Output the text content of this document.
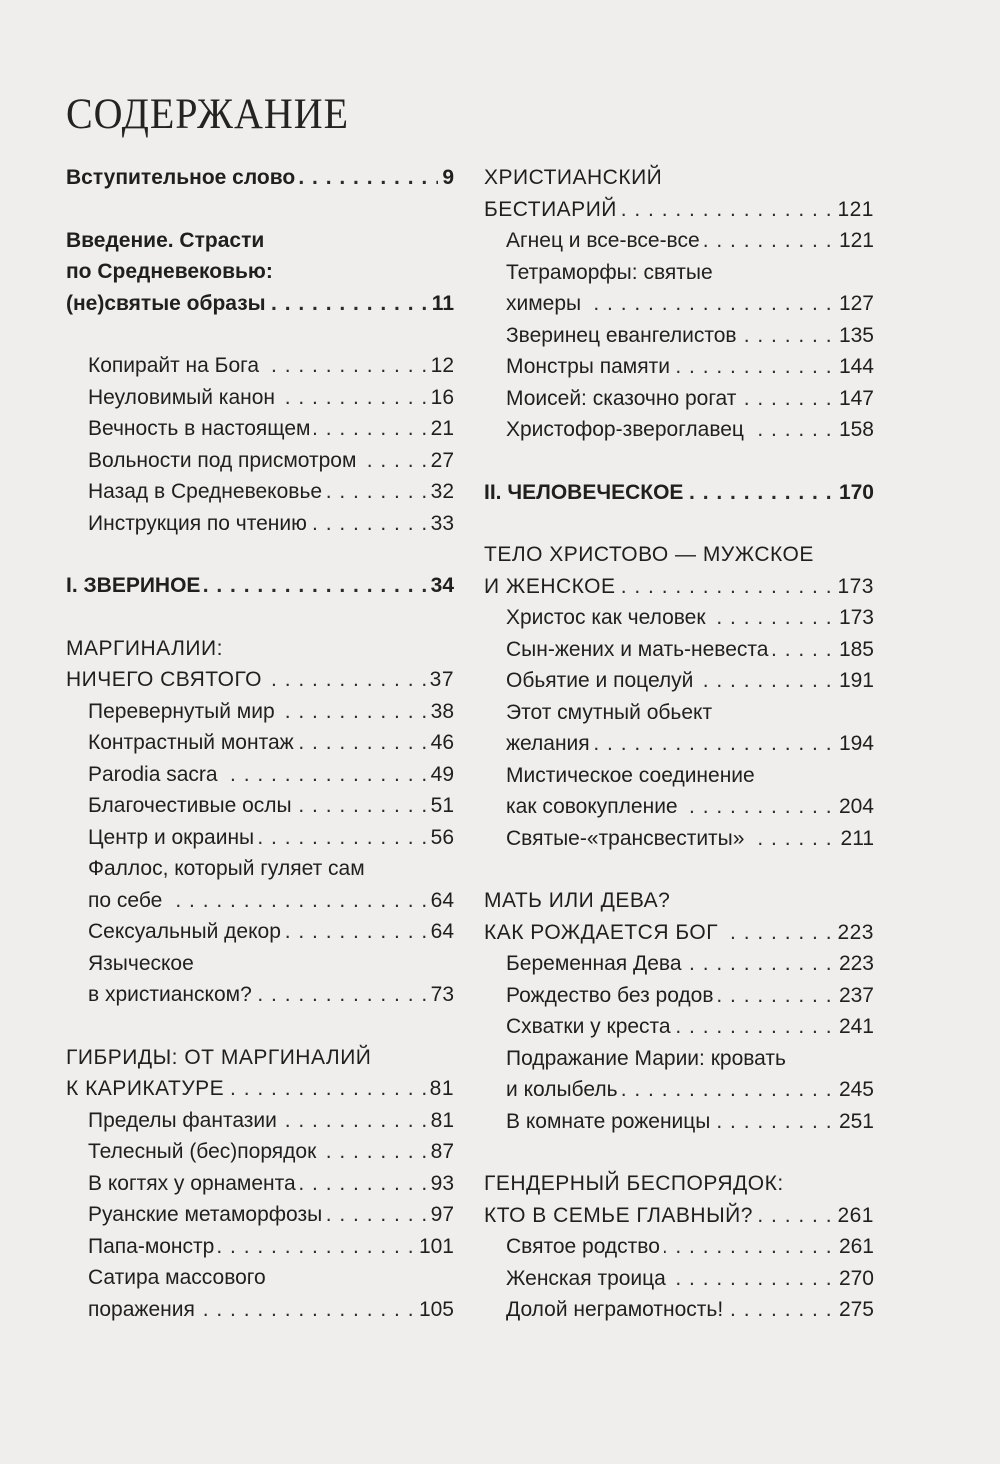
СОДЕРЖАНИЕ
Вступительное слово	9
. . .
Введение. Страсти
по Средневековью:
(не)святые образы	11
. . .
Копирайт на Бога	12
. . .
Неуловимый канон	16
. . .
Вечность в настоящем	21
. . .
Вольности под присмотром	27
. . .
Назад в Средневековье	32
. . .
Инструкция по чтению	33
. . .
I. ЗВЕРИНОЕ	34
. . .
МАРГИНАЛИИ:
НИЧЕГО СВЯТОГО	37
. . .
Перевернутый мир	38
. . .
Контрастный монтаж	46
. . .
Parodia sacra	49
. . .
Благочестивые ослы	51
. . .
Центр и окраины	56
. . .
Фаллос, который гуляет сам
по себе	64
. . .
Сексуальный декор	64
. . .
Языческое
в христианском?	73
. . .
ГИБРИДЫ: ОТ МАРГИНАЛИЙ
К КАРИКАТУРЕ	81
. . .
Пределы фантазии	81
. . .
Телесный (бес)порядок	87
. . .
В когтях у орнамента	93
. . .
Руанские метаморфозы	97
. . .
Папа-монстр	101
. . .
Сатира массового
поражения	105
. . .
ХРИСТИАНСКИЙ
БЕСТИАРИЙ	121
. . .
Агнец и все-все-все	121
. . .
Тетраморфы: святые
химеры	127
. . .
Зверинец евангелистов	135
. . .
Монстры памяти	144
. . .
Моисей: сказочно рогат	147
. . .
Христофор-звероглавец	158
. . .
II. ЧЕЛОВЕЧЕСКОЕ	170
. . .
ТЕЛО ХРИСТОВО — МУЖСКОЕ
И ЖЕНСКОЕ	173
. . .
Христос как человек	173
. . .
Сын-жених и мать-невеста	185
. . .
Обьятие и поцелуй	191
. . .
Этот смутный обьект
желания	194
. . .
Мистическое соединение
как совокупление	204
. . .
Святые-«трансвеститы»	211
. . .
МАТЬ ИЛИ ДЕВА?
КАК РОЖДАЕТСЯ БОГ	223
. . .
Беременная Дева	223
. . .
Рождество без родов	237
. . .
Схватки у креста	241
. . .
Подражание Марии: кровать
и колыбель	245
. . .
В комнате роженицы	251
. . .
ГЕНДЕРНЫЙ БЕСПОРЯДОК:
КТО В СЕМЬЕ ГЛАВНЫЙ?	261
. . .
Святое родство	261
. . .
Женская троица	270
. . .
Долой неграмотность!	275
. . .
